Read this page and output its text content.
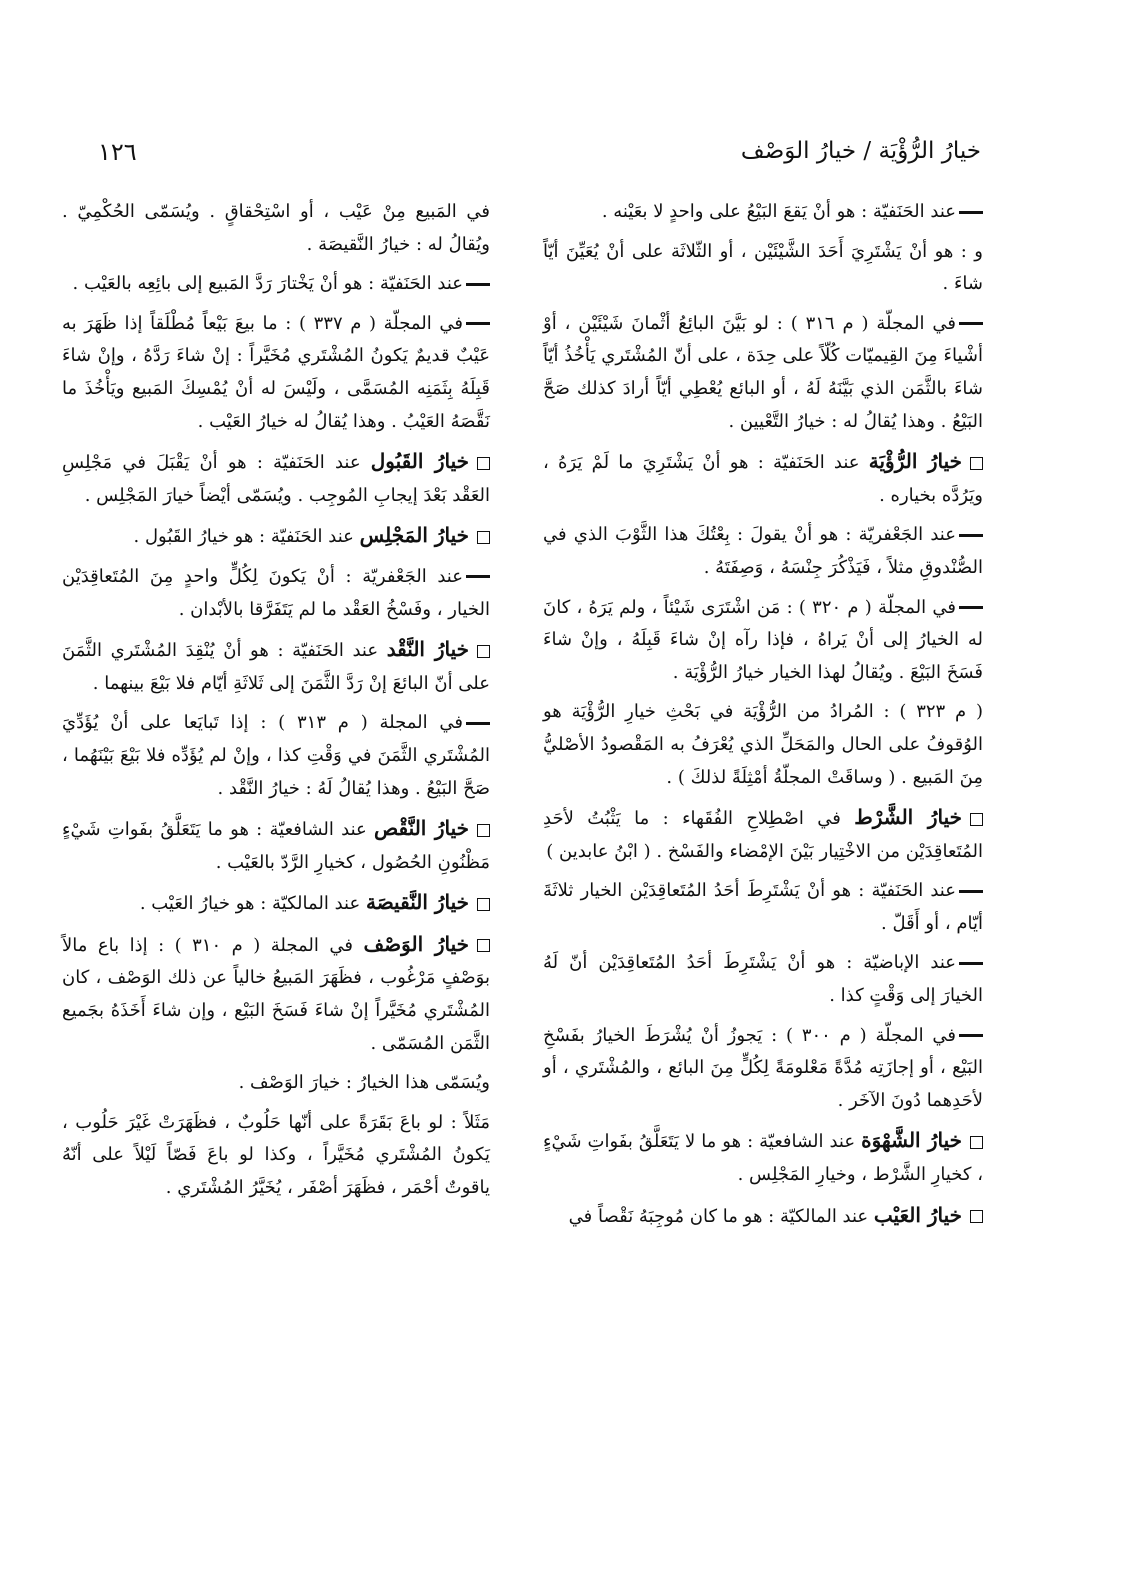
خيارُ الرُّؤْيَة / خيارُ الوَصْف
١٢٦

عند الحَنَفيّة : هو أنْ يَقعَ البَيْعُ على واحدٍ لا بعَيْنه .

و : هو أنْ يَشْتَرِيَ أَحَدَ الشَّيْئَيْن ، أو الثّلاثَة على أنْ يُعَيِّنَ أيّاً شاءَ .

في المجلّة ( م ٣١٦ ) : لو بَيَّنَ البائِعُ أثْمانَ شَيْئَيْن ، أوْ أشْياءَ مِنَ القِيميّات كُلّاً على حِدَة ، على أنّ المُشْتَري يَأْخُذُ أيّاً شاءَ بالثَّمَن الذي بَيَّنَهُ لَهُ ، أو البائع يُعْطِي أيّاً أرادَ كذلك صَحَّ البَيْعُ . وهذا يُقالُ له : خيارُ التَّعْيين .

خيارُ الرُّؤْيَة عند الحَنَفيّة : هو أنْ يَشْتَرِيَ ما لَمْ يَرَهُ ، ويَرُدَّه بخياره .

عند الجَعْفريّة : هو أنْ يقولَ : بِعْتُكَ هذا الثَّوْبَ الذي في الصُّنْدوقِ مثلاً ، فَيَذْكُرَ جِنْسَهُ ، وَصِفَتَهُ .

في المجلّة ( م ٣٢٠ ) : مَن اشْتَرَى شَيْئاً ، ولم يَرَهُ ، كانَ له الخيارُ إلى أنْ يَراهُ ، فإذا رآه إنْ شاءَ قَبِلَهُ ، وإنْ شاءَ فَسَخَ البَيْعَ . ويُقالُ لهذا الخيار خيارُ الرُّؤْيَة .

( م ٣٢٣ ) : المُرادُ من الرُّؤْيَة في بَحْثِ خيارِ الرُّؤْيَة هو الوُقوفُ على الحال والمَحَلِّ الذي يُعْرَفُ به المَقْصودُ الأصْليُّ مِنَ المَبيع . ( وساقَتْ المجلّةُ أمْثِلَةً لذلكَ ) .

خيارُ الشَّرْط في اصْطِلاحِ الفُقَهاء : ما يَثْبُتُ لأحَدِ المُتَعاقِدَيْن من الاخْتِيار بَيْنَ الإمْضاء والفَسْخ . ( ابْنُ عابدين )

عند الحَنَفيّة : هو أنْ يَشْتَرِطَ أحَدُ المُتَعاقِدَيْن الخيار ثلاثَةَ أيّام ، أو أَقَلّ .

عند الإباضيّة : هو أنْ يَشْتَرِطَ أحَدُ المُتَعاقِدَيْن أنّ لَهُ الخيارَ إلى وَقْتٍ كذا .

في المجلّة ( م ٣٠٠ ) : يَجوزُ أنْ يُشْرَطَ الخيارُ بفَسْخِ البَيْع ، أو إجازَتِه مُدَّةً مَعْلومَةً لِكُلٍّ مِنَ البائع ، والمُشْتَري ، أو لأحَدِهما دُونَ الآخَر .

خيارُ الشَّهْوَة عند الشافعيّة : هو ما لا يَتَعَلَّقُ بفَواتِ شَيْءٍ ، كخيارِ الشَّرْط ، وخيارِ المَجْلِس .

خيارُ العَيْب عند المالكيّة : هو ما كان مُوجِبَهُ نَقْصاً في

في المَبيع مِنْ عَيْب ، أو اسْتِحْقاقٍ . ويُسَمّى الحُكْمِيّ . ويُقالُ له : خيارُ النَّقيصَة .

عند الحَنَفيّة : هو أنْ يَخْتارَ رَدَّ المَبيع إلى بائِعِه بالعَيْب .

في المجلّة ( م ٣٣٧ ) : ما بيعَ بَيْعاً مُطْلَقاً إذا ظَهَرَ به عَيْبٌ قديمٌ يَكونُ المُشْتَري مُخَيَّراً : إنْ شاءَ رَدَّهُ ، وإنْ شاءَ قَبِلَهُ بِثَمَنِه المُسَمَّى ، ولَيْسَ له أنْ يُمْسِكَ المَبيع ويَأْخُذَ ما نَقَّصَهُ العَيْبُ . وهذا يُقالُ له خيارُ العَيْب .

خيارُ القَبُول عند الحَنَفيّة : هو أنْ يَقْبَلَ في مَجْلِسِ العَقْد بَعْدَ إيجابِ المُوجِب . ويُسَمّى أيْضاً خيارَ المَجْلِس .

خيارُ المَجْلِس عند الحَنَفيّة : هو خيارُ القَبُول .

عند الجَعْفريّة : أنْ يَكونَ لِكُلٍّ واحدٍ مِنَ المُتَعاقِدَيْن الخيار ، وفَسْخُ العَقْد ما لم يَتَفَرَّقا بالأبْدان .

خيارُ النَّقْد عند الحَنَفيّة : هو أنْ يُنْقِدَ المُشْتَري الثَّمَنَ على أنّ البائعَ إنْ رَدَّ الثَّمَنَ إلى ثَلاثَةِ أيّام فلا بَيْعَ بينهما .

في المجلة ( م ٣١٣ ) : إذا تَبايَعا على أنْ يُؤَدِّيَ المُشْتَري الثَّمَنَ في وَقْتِ كذا ، وإنْ لم يُؤَدِّه فلا بَيْعَ بَيْنَهُما ، صَحَّ البَيْعُ . وهذا يُقالُ لَهُ : خيارُ النَّقْد .

خيارُ النَّقْص عند الشافعيّة : هو ما يَتَعَلَّقُ بفَواتِ شَيْءٍ مَظْنُونِ الحُصُول ، كخيارِ الرَّدّ بالعَيْب .

خيارُ النَّقيصَة عند المالكيّة : هو خيارُ العَيْب .

خيارُ الوَصْف في المجلة ( م ٣١٠ ) : إذا باع مالاً بوَصْفٍ مَرْغُوب ، فظَهَرَ المَبيعُ خالياً عن ذلك الوَصْف ، كان المُشْتَري مُخَيَّراً إنْ شاءَ فَسَخَ البَيْع ، وإن شاءَ أَخَذَهُ بجَميع الثَّمَن المُسَمّى .

ويُسَمّى هذا الخيارُ : خيارَ الوَصْف .

مَثَلاً : لو باعَ بَقَرَةً على أنّها حَلُوبٌ ، فظَهَرَتْ غَيْرَ حَلُوب ، يَكونُ المُشْتَري مُخَيَّراً ، وكذا لو باعَ فَصّاً لَيْلاً على أنّهُ ياقوتٌ أحْمَر ، فظَهَرَ أصْفَر ، يُخَيَّرُ المُشْتَري .
